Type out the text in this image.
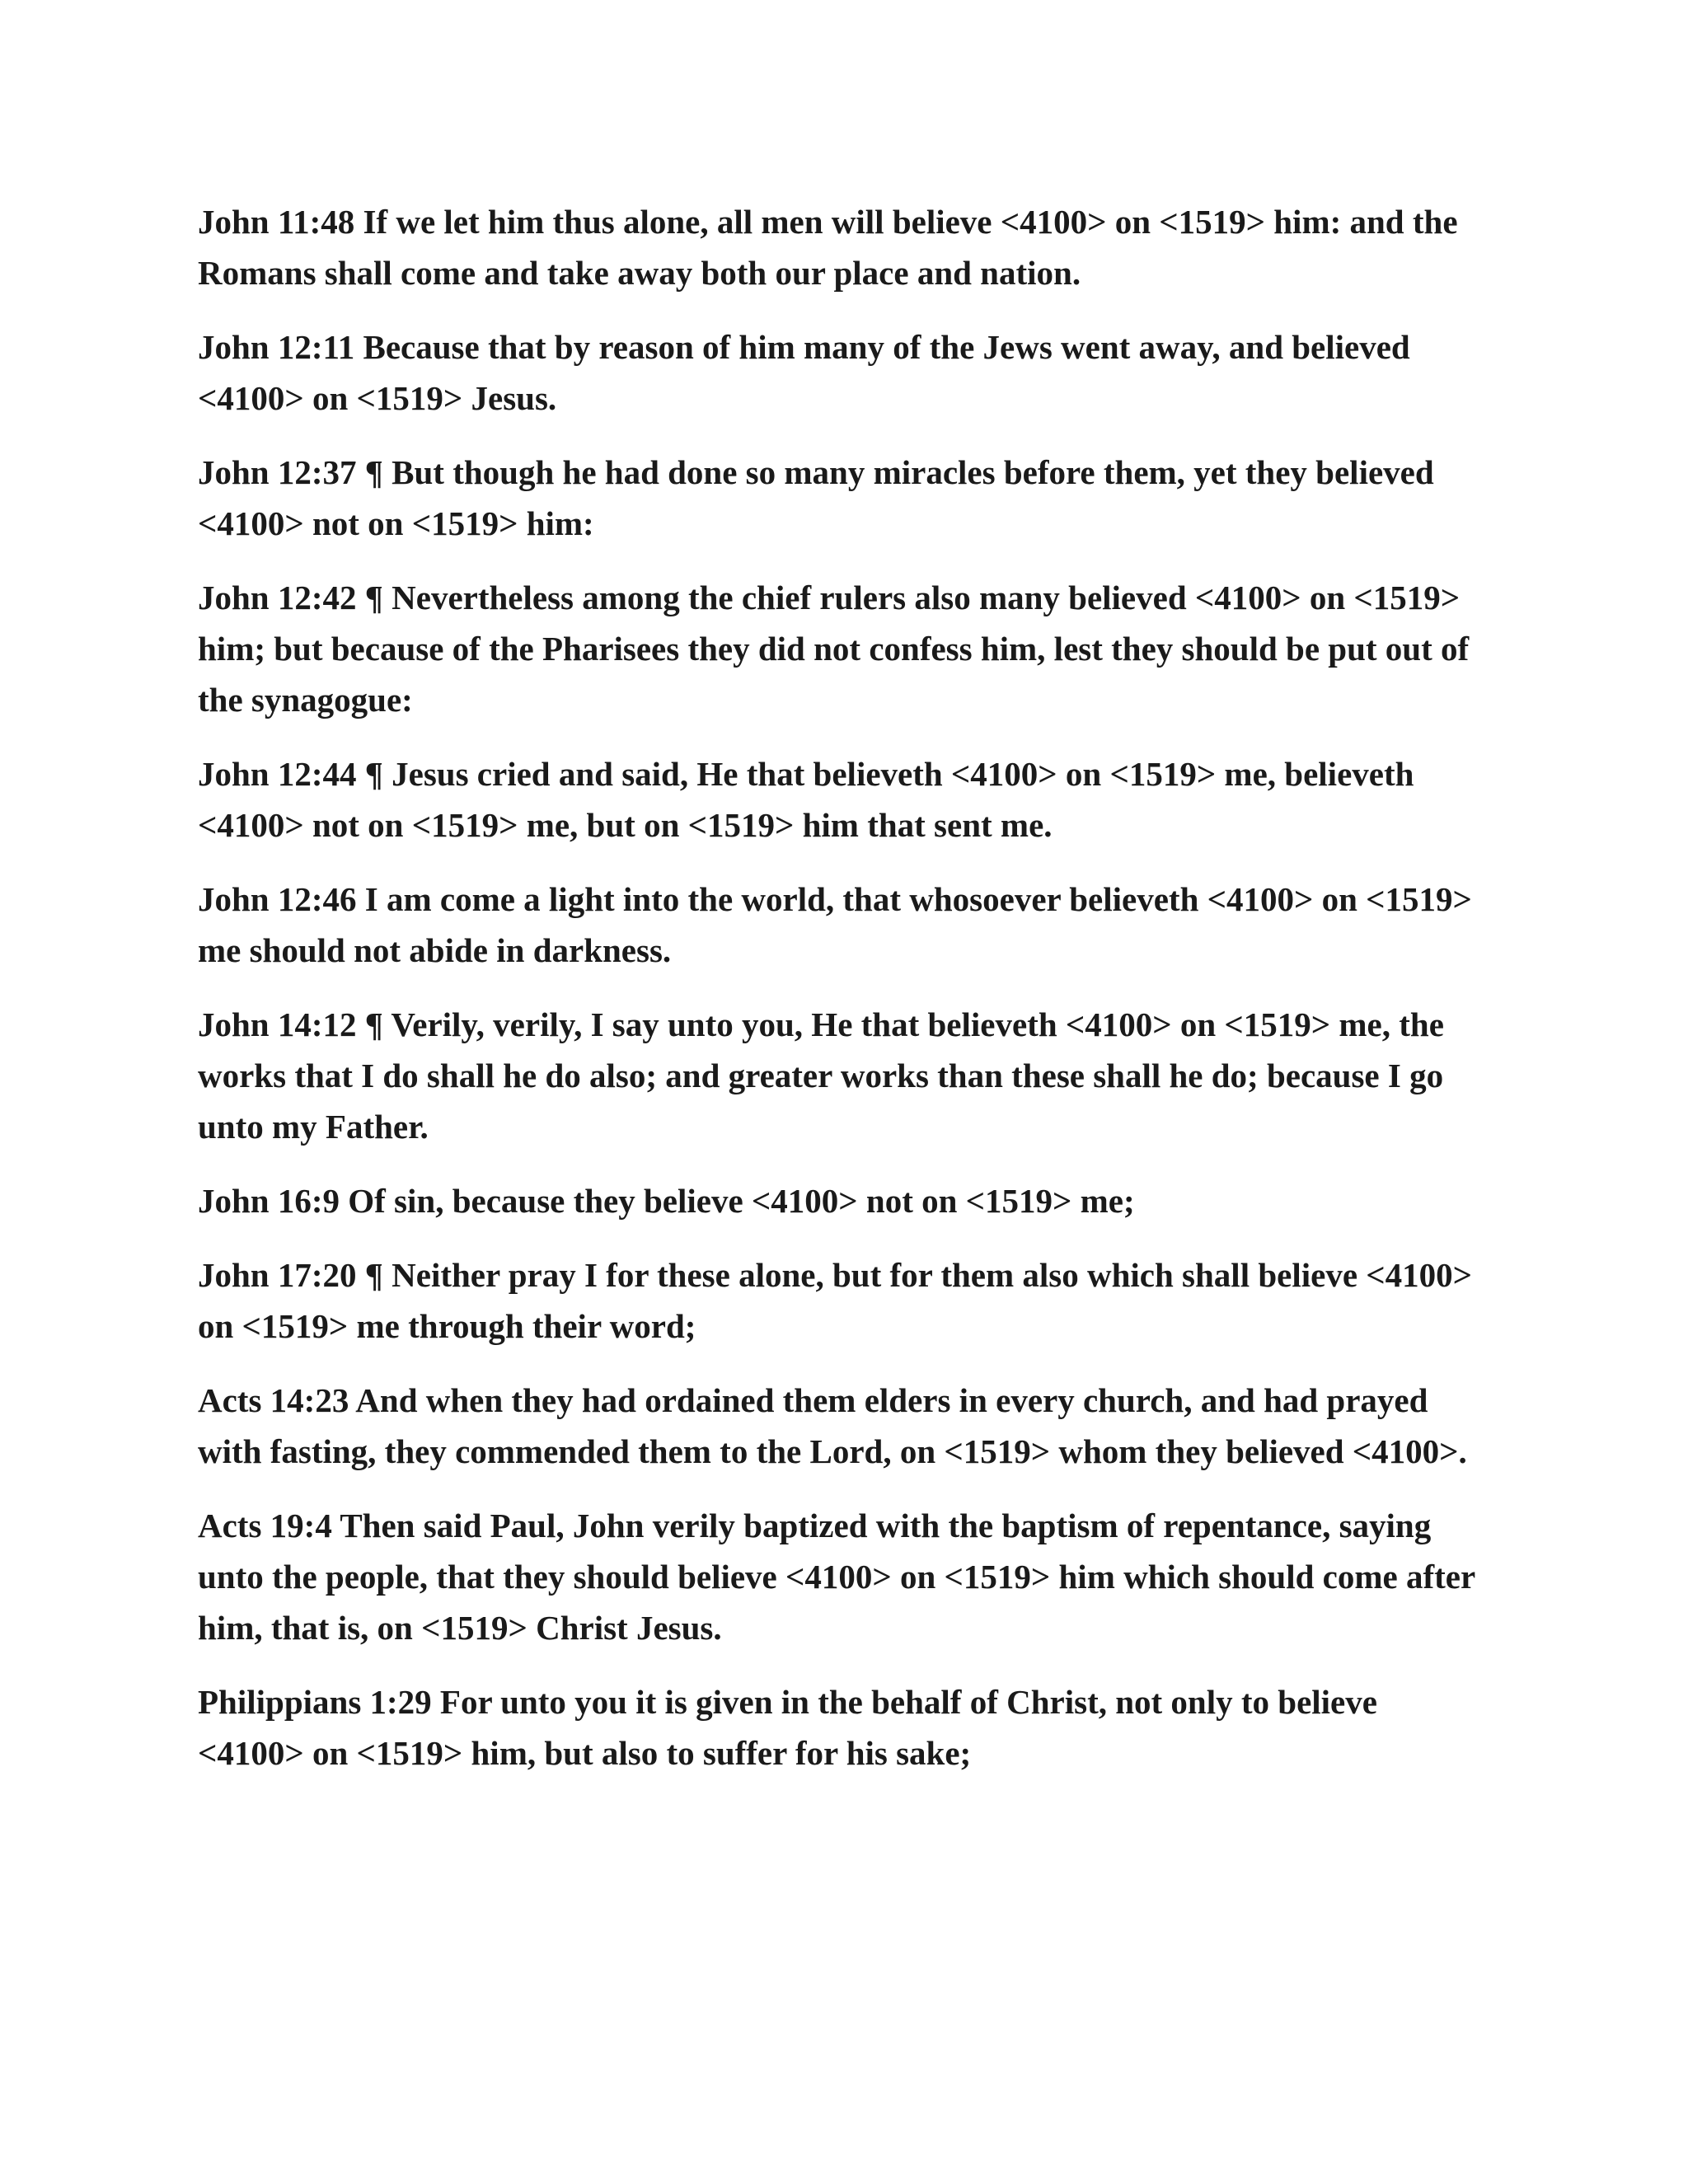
John 11:48 If we let him thus alone, all men will believe <4100> on <1519> him: and the Romans shall come and take away both our place and nation.

John 12:11 Because that by reason of him many of the Jews went away, and believed <4100> on <1519> Jesus.

John 12:37 ¶ But though he had done so many miracles before them, yet they believed <4100> not on <1519> him:

John 12:42 ¶ Nevertheless among the chief rulers also many believed <4100> on <1519> him; but because of the Pharisees they did not confess him, lest they should be put out of the synagogue:

John 12:44 ¶ Jesus cried and said, He that believeth <4100> on <1519> me, believeth <4100> not on <1519> me, but on <1519> him that sent me.

John 12:46 I am come a light into the world, that whosoever believeth <4100> on <1519> me should not abide in darkness.

John 14:12 ¶ Verily, verily, I say unto you, He that believeth <4100> on <1519> me, the works that I do shall he do also; and greater works than these shall he do; because I go unto my Father.

John 16:9 Of sin, because they believe <4100> not on <1519> me;

John 17:20 ¶ Neither pray I for these alone, but for them also which shall believe <4100> on <1519> me through their word;

Acts 14:23 And when they had ordained them elders in every church, and had prayed with fasting, they commended them to the Lord, on <1519> whom they believed <4100>.

Acts 19:4 Then said Paul, John verily baptized with the baptism of repentance, saying unto the people, that they should believe <4100> on <1519> him which should come after him, that is, on <1519> Christ Jesus.

Philippians 1:29 For unto you it is given in the behalf of Christ, not only to believe <4100> on <1519> him, but also to suffer for his sake;
